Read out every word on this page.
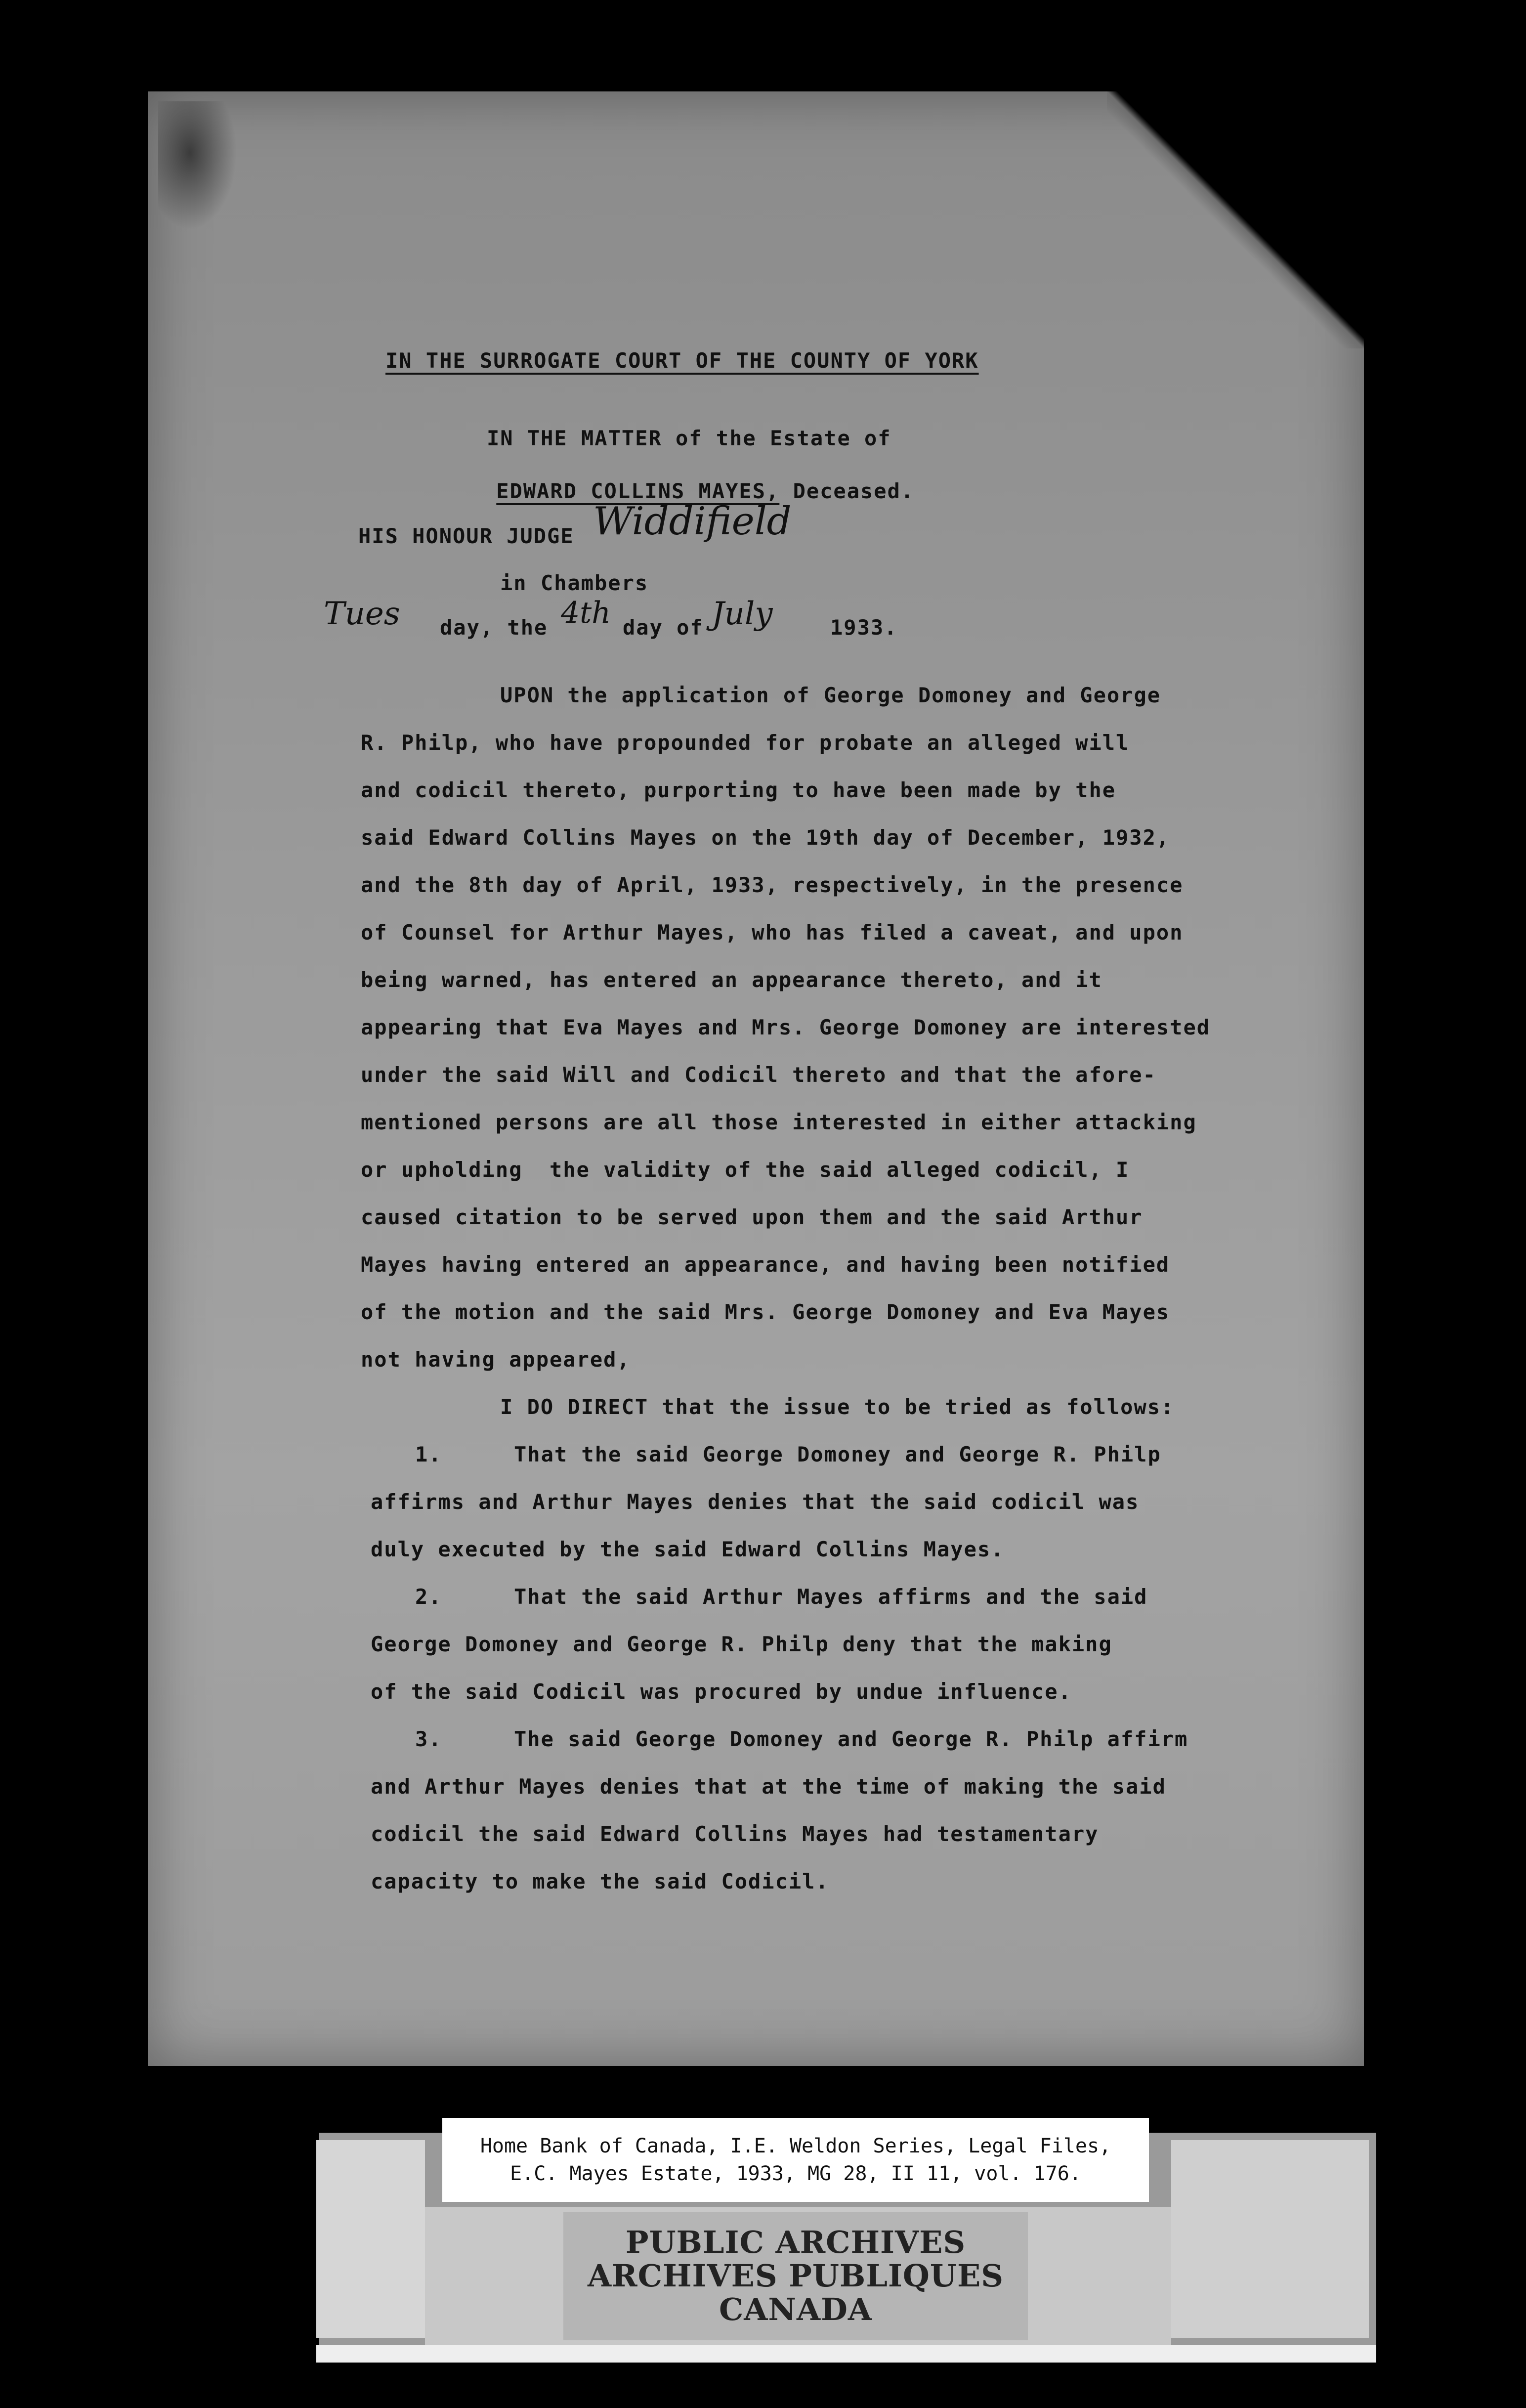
IN THE SURROGATE COURT OF THE COUNTY OF YORK
IN THE MATTER of the Estate of

EDWARD COLLINS MAYES, Deceased.

HIS HONOUR JUDGE Widdifield
in Chambers
Tues day, the 4th day of July	1933.
UPON the application of George Domoney and George
R. Philp, who have propounded for probate an alleged will
and codicil thereto, purporting to have been made by the
said Edward Collins Mayes on the 19th day of December, 1932,
and the 8th day of April, 1933, respectively, in the presence
of Counsel for Arthur Mayes, who has filed a caveat, and upon
being warned, has entered an appearance thereto, and it
appearing that Eva Mayes and Mrs. George Domoney are interested
under the said Will and Codicil thereto and that the afore-
mentioned persons are all those interested in either attacking
or upholding  the validity of the said alleged codicil, I
caused citation to be served upon them and the said Arthur
Mayes having entered an appearance, and having been notified
of the motion and the said Mrs. George Domoney and Eva Mayes
not having appeared,
I DO DIRECT that the issue to be tried as follows:
1.	That the said George Domoney and George R. Philp
affirms and Arthur Mayes denies that the said codicil was
duly executed by the said Edward Collins Mayes.
2.	That the said Arthur Mayes affirms and the said
George Domoney and George R. Philp deny that the making
of the said Codicil was procured by undue influence.
3.	The said George Domoney and George R. Philp affirm
and Arthur Mayes denies that at the time of making the said
codicil the said Edward Collins Mayes had testamentary
capacity to make the said Codicil.
Home Bank of Canada, I.E. Weldon Series, Legal Files,
E.C. Mayes Estate, 1933, MG 28, II 11, vol. 176.
PUBLIC ARCHIVES
ARCHIVES PUBLIQUES
CANADA
